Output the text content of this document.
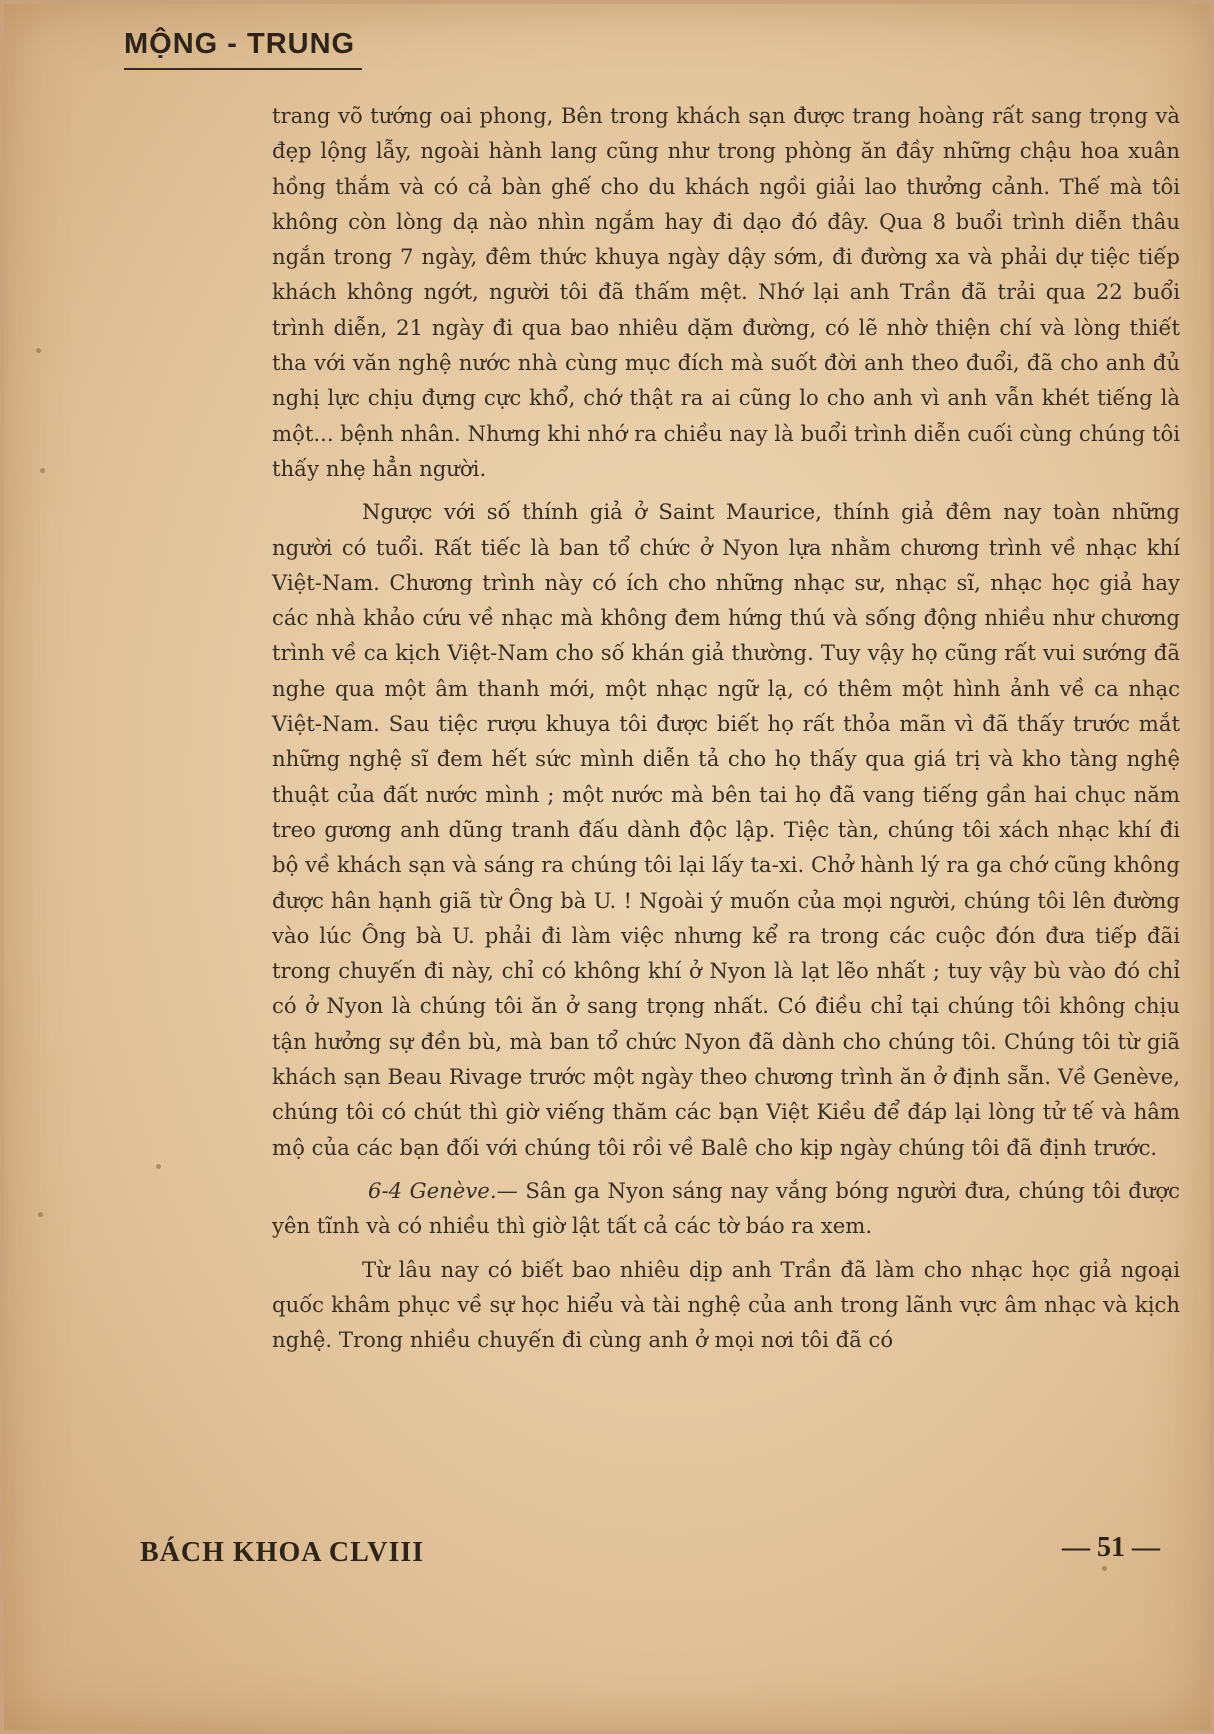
MỘNG - TRUNG

trang võ tướng oai phong, Bên trong khách sạn được trang hoàng rất sang trọng và đẹp lộng lẫy, ngoài hành lang cũng như trong phòng ăn đầy những chậu hoa xuân hồng thắm và có cả bàn ghế cho du khách ngồi giải lao thưởng cảnh. Thế mà tôi không còn lòng dạ nào nhìn ngắm hay đi dạo đó đây. Qua 8 buổi trình diễn thâu ngắn trong 7 ngày, đêm thức khuya ngày dậy sớm, đi đường xa và phải dự tiệc tiếp khách không ngớt, người tôi đã thấm mệt. Nhớ lại anh Trần đã trải qua 22 buổi trình diễn, 21 ngày đi qua bao nhiêu dặm đường, có lẽ nhờ thiện chí và lòng thiết tha với văn nghệ nước nhà cùng mục đích mà suốt đời anh theo đuổi, đã cho anh đủ nghị lực chịu đựng cực khổ, chớ thật ra ai cũng lo cho anh vì anh vẫn khét tiếng là một... bệnh nhân. Nhưng khi nhớ ra chiều nay là buổi trình diễn cuối cùng chúng tôi thấy nhẹ hẳn người.

Ngược với số thính giả ở Saint Maurice, thính giả đêm nay toàn những người có tuổi. Rất tiếc là ban tổ chức ở Nyon lựa nhằm chương trình về nhạc khí Việt-Nam. Chương trình này có ích cho những nhạc sư, nhạc sĩ, nhạc học giả hay các nhà khảo cứu về nhạc mà không đem hứng thú và sống động nhiều như chương trình về ca kịch Việt-Nam cho số khán giả thường. Tuy vậy họ cũng rất vui sướng đã nghe qua một âm thanh mới, một nhạc ngữ lạ, có thêm một hình ảnh về ca nhạc Việt-Nam. Sau tiệc rượu khuya tôi được biết họ rất thỏa mãn vì đã thấy trước mắt những nghệ sĩ đem hết sức mình diễn tả cho họ thấy qua giá trị và kho tàng nghệ thuật của đất nước mình ; một nước mà bên tai họ đã vang tiếng gần hai chục năm treo gương anh dũng tranh đấu dành độc lập. Tiệc tàn, chúng tôi xách nhạc khí đi bộ về khách sạn và sáng ra chúng tôi lại lấy ta-xi. Chở hành lý ra ga chớ cũng không được hân hạnh giã từ Ông bà U. ! Ngoài ý muốn của mọi người, chúng tôi lên đường vào lúc Ông bà U. phải đi làm việc nhưng kể ra trong các cuộc đón đưa tiếp đãi trong chuyến đi này, chỉ có không khí ở Nyon là lạt lẽo nhất ; tuy vậy bù vào đó chỉ có ở Nyon là chúng tôi ăn ở sang trọng nhất. Có điều chỉ tại chúng tôi không chịu tận hưởng sự đền bù, mà ban tổ chức Nyon đã dành cho chúng tôi. Chúng tôi từ giã khách sạn Beau Rivage trước một ngày theo chương trình ăn ở định sẵn. Về Genève, chúng tôi có chút thì giờ viếng thăm các bạn Việt Kiều để đáp lại lòng tử tế và hâm mộ của các bạn đối với chúng tôi rồi về Balê cho kịp ngày chúng tôi đã định trước.

6-4 Genève.— Sân ga Nyon sáng nay vắng bóng người đưa, chúng tôi được yên tĩnh và có nhiều thì giờ lật tất cả các tờ báo ra xem.

Từ lâu nay có biết bao nhiêu dịp anh Trần đã làm cho nhạc học giả ngoại quốc khâm phục về sự học hiểu và tài nghệ của anh trong lãnh vực âm nhạc và kịch nghệ. Trong nhiều chuyến đi cùng anh ở mọi nơi tôi đã có

BÁCH KHOA CLVIII	— 51 —
